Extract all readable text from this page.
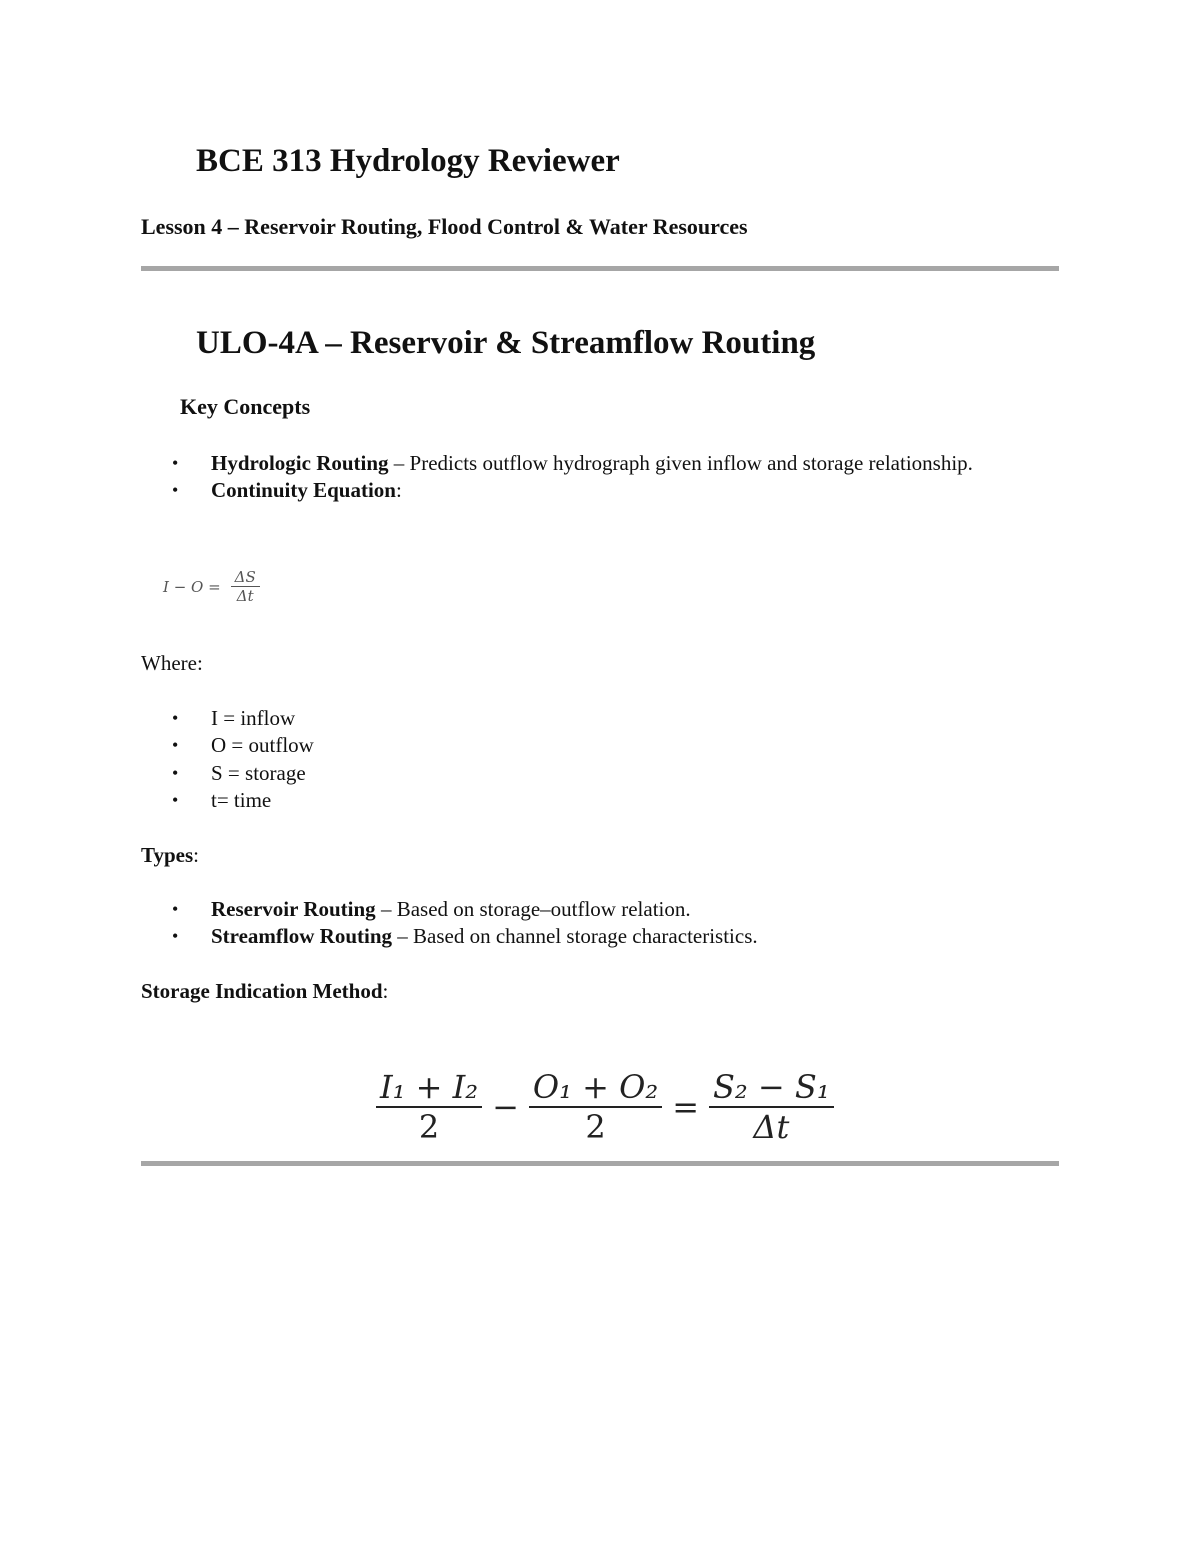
BCE 313 Hydrology Reviewer
Lesson 4 – Reservoir Routing, Flood Control & Water Resources
ULO-4A – Reservoir & Streamflow Routing
Key Concepts
• Hydrologic Routing – Predicts outflow hydrograph given inflow and storage relationship.
• Continuity Equation:
$I - O = \frac{\Delta S}{\Delta t}$
Where:
• I = inflow
• O = outflow
• S = storage
• t= time
Types:
• Reservoir Routing – Based on storage–outflow relation.
• Streamflow Routing – Based on channel storage characteristics.
Storage Indication Method:
$\frac{\text{I₁ + I₂}}{2} - \frac{\text{O₁ + O₂}}{2} = \frac{\text{S₂ − S₁}}{\Delta t}$
